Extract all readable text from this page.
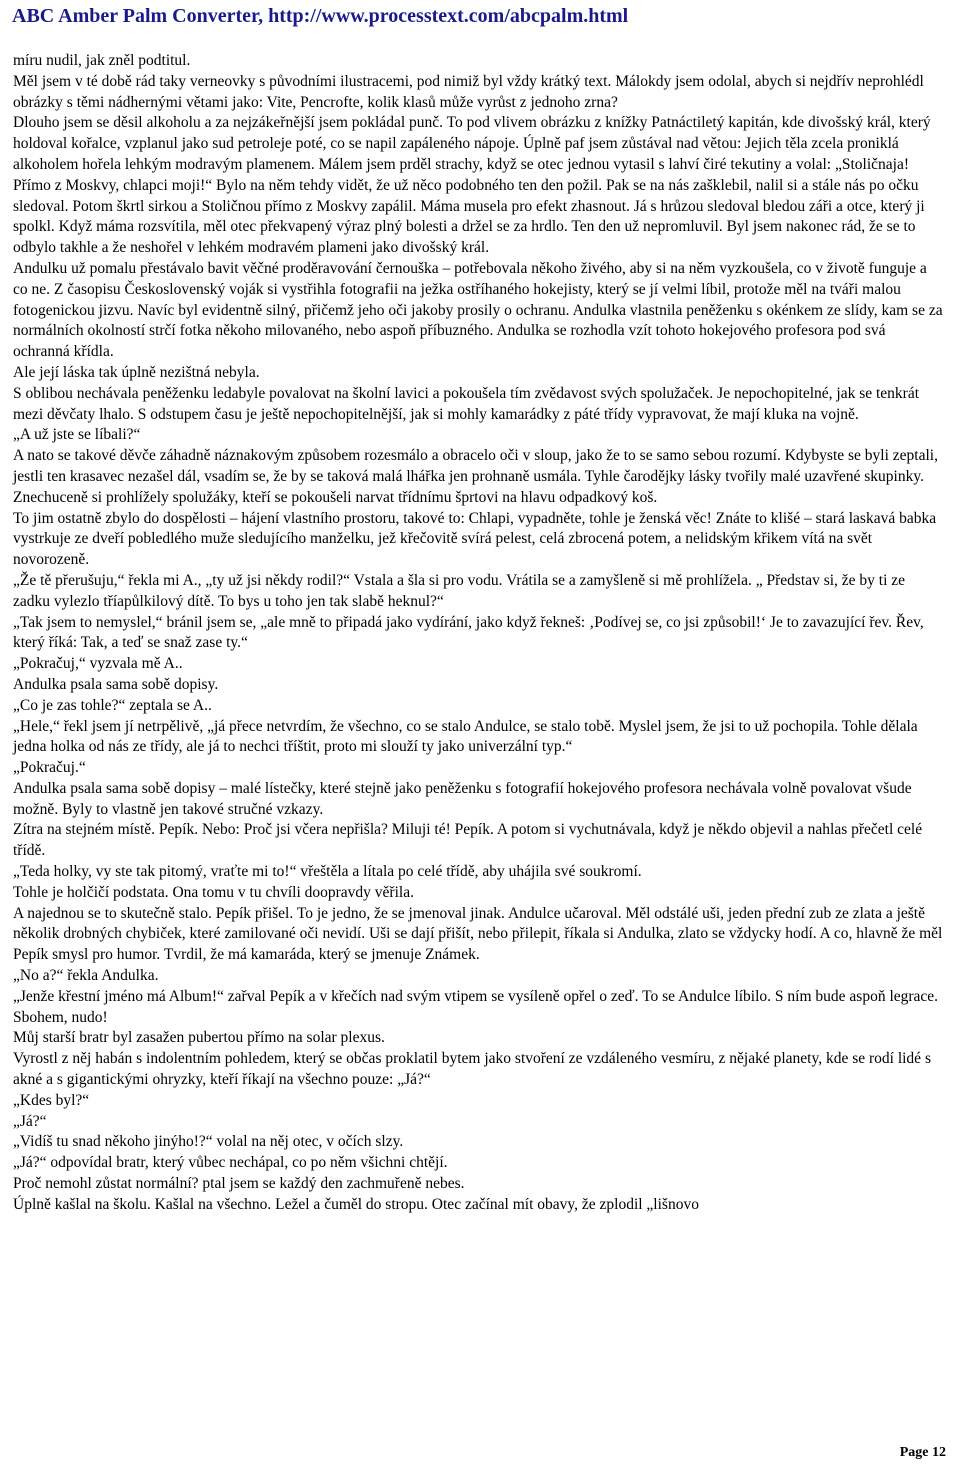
ABC Amber Palm Converter, http://www.processtext.com/abcpalm.html

míru nudil, jak zněl podtitul.

Měl jsem v té době rád taky verneovky s původními ilustracemi, pod nimiž byl vždy krátký text. Málokdy jsem odolal, abych si nejdřív neprohlédl obrázky s těmi nádhernými větami jako: Vite, Pencrofte, kolik klasů může vyrůst z jednoho zrna?

Dlouho jsem se děsil alkoholu a za nejzákeřnější jsem pokládal punč. To pod vlivem obrázku z knížky Patnáctiletý kapitán, kde divošský král, který holdoval kořalce, vzplanul jako sud petroleje poté, co se napil zapáleného nápoje. Úplně paf jsem zůstával nad větou: Jejich těla zcela proniklá alkoholem hořela lehkým modravým plamenem. Málem jsem prděl strachy, když se otec jednou vytasil s lahví čiré tekutiny a volal: „Stoličnaja! Přímo z Moskvy, chlapci moji!“ Bylo na něm tehdy vidět, že už něco podobného ten den požil. Pak se na nás zašklebil, nalil si a stále nás po očku sledoval. Potom škrtl sirkou a Stoličnou přímo z Moskvy zapálil. Máma musela pro efekt zhasnout. Já s hrůzou sledoval bledou záři a otce, který ji spolkl. Když máma rozsvítila, měl otec překvapený výraz plný bolesti a držel se za hrdlo. Ten den už nepromluvil. Byl jsem nakonec rád, že se to odbylo takhle a že neshořel v lehkém modravém plameni jako divošský král.

Andulku už pomalu přestávalo bavit věčné proděravování černouška – potřebovala někoho živého, aby si na něm vyzkoušela, co v životě funguje a co ne. Z časopisu Československý voják si vystřihla fotografii na ježka ostříhaného hokejisty, který se jí velmi líbil, protože měl na tváři malou fotogenickou jizvu. Navíc byl evidentně silný, přičemž jeho oči jakoby prosily o ochranu. Andulka vlastnila peněženku s okénkem ze slídy, kam se za normálních okolností strčí fotka někoho milovaného, nebo aspoň příbuzného. Andulka se rozhodla vzít tohoto hokejového profesora pod svá ochranná křídla.

Ale její láska tak úplně nezištná nebyla.

S oblibou nechávala peněženku ledabyle povalovat na školní lavici a pokoušela tím zvědavost svých spolužaček. Je nepochopitelné, jak se tenkrát mezi děvčaty lhalo. S odstupem času je ještě nepochopitelnější, jak si mohly kamarádky z páté třídy vypravovat, že mají kluka na vojně.

„A už jste se líbali?“

A nato se takové děvče záhadně náznakovým způsobem rozesmálo a obracelo oči v sloup, jako že to se samo sebou rozumí. Kdybyste se byli zeptali, jestli ten krasavec nezašel dál, vsadím se, že by se taková malá lhářka jen prohnaně usmála. Tyhle čarodějky lásky tvořily malé uzavřené skupinky. Znechuceně si prohlížely spolužáky, kteří se pokoušeli narvat třídnímu šprtovi na hlavu odpadkový koš.

To jim ostatně zbylo do dospělosti – hájení vlastního prostoru, takové to: Chlapi, vypadněte, tohle je ženská věc! Znáte to klišé – stará laskavá babka vystrkuje ze dveří pobledlého muže sledujícího manželku, jež křečovitě svírá pelest, celá zbrocená potem, a nelidským křikem vítá na svět novorozeně.

„Že tě přerušuju,“ řekla mi A., „ty už jsi někdy rodil?“ Vstala a šla si pro vodu. Vrátila se a zamyšleně si mě prohlížela. „ Představ si, že by ti ze zadku vylezlo tříapůlkilový dítě. To bys u toho jen tak slabě heknul?“

„Tak jsem to nemyslel,“ bránil jsem se, „ale mně to připadá jako vydírání, jako když řekneš: ‚Podívej se, co jsi způsobil!‘ Je to zavazující řev. Řev, který říká: Tak, a teď se snaž zase ty.“

„Pokračuj,“ vyzvala mě A..

Andulka psala sama sobě dopisy.

„Co je zas tohle?“ zeptala se A..

„Hele,“ řekl jsem jí netrpělivě, „já přece netvrdím, že všechno, co se stalo Andulce, se stalo tobě. Myslel jsem, že jsi to už pochopila. Tohle dělala jedna holka od nás ze třídy, ale já to nechci tříštit, proto mi slouží ty jako univerzální typ.“

„Pokračuj.“

Andulka psala sama sobě dopisy – malé lístečky, které stejně jako peněženku s fotografií hokejového profesora nechávala volně povalovat všude možně. Byly to vlastně jen takové stručné vzkazy.

Zítra na stejném místě. Pepík. Nebo: Proč jsi včera nepřišla? Miluji té! Pepík. A potom si vychutnávala, když je někdo objevil a nahlas přečetl celé třídě.

„Teda holky, vy ste tak pitomý, vraťte mi to!“ vřeštěla a lítala po celé třídě, aby uhájila své soukromí.

Tohle je holčičí podstata. Ona tomu v tu chvíli doopravdy věřila.

A najednou se to skutečně stalo. Pepík přišel. To je jedno, že se jmenoval jinak. Andulce učaroval. Měl odstálé uši, jeden přední zub ze zlata a ještě několik drobných chybiček, které zamilované oči nevidí. Uši se dají přišít, nebo přilepit, říkala si Andulka, zlato se vždycky hodí. A co, hlavně že měl Pepík smysl pro humor. Tvrdil, že má kamaráda, který se jmenuje Známek.

„No a?“ řekla Andulka.

„Jenže křestní jméno má Album!“ zařval Pepík a v křečích nad svým vtipem se vysíleně opřel o zeď. To se Andulce líbilo. S ním bude aspoň legrace.

Sbohem, nudo!

Můj starší bratr byl zasažen pubertou přímo na solar plexus.

Vyrostl z něj habán s indolentním pohledem, který se občas proklatil bytem jako stvoření ze vzdáleného vesmíru, z nějaké planety, kde se rodí lidé s akné a s gigantickými ohryzky, kteří říkají na všechno pouze: „Já?“

„Kdes byl?“

„Já?“

„Vidíš tu snad někoho jinýho!?“ volal na něj otec, v očích slzy.

„Já?“ odpovídal bratr, který vůbec nechápal, co po něm všichni chtějí.

Proč nemohl zůstat normální? ptal jsem se každý den zachmuřeně nebes.

Úplně kašlal na školu. Kašlal na všechno. Ležel a čuměl do stropu. Otec začínal mít obavy, že zplodil „lišnovo

Page 12
